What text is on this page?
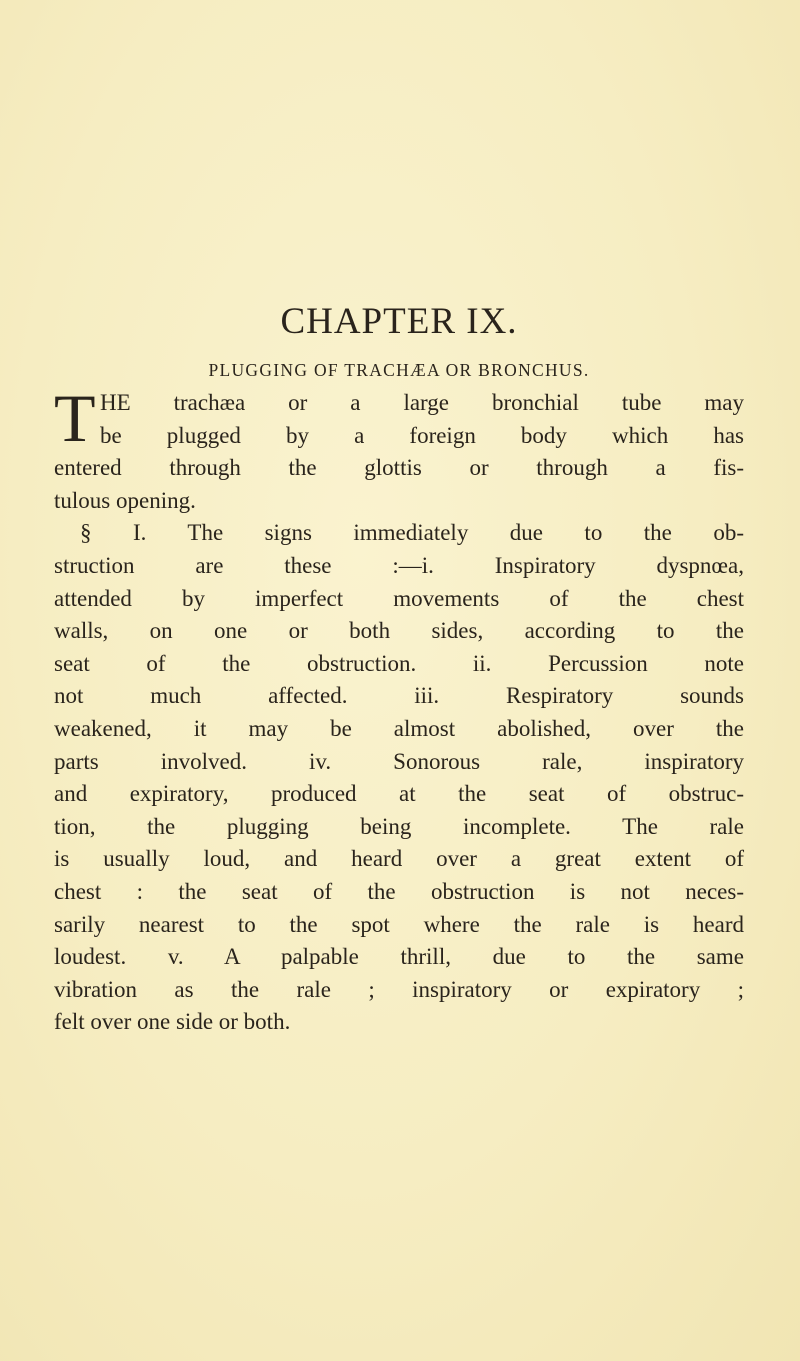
CHAPTER IX.
PLUGGING OF TRACHÆA OR BRONCHUS.
T HE trachæa or a large bronchial tube may
be plugged by a foreign body which has
entered through the glottis or through a fis-
tulous opening.
§ I. The signs immediately due to the ob-
struction are these :—i. Inspiratory dyspnœa,
attended by imperfect movements of the chest
walls, on one or both sides, according to the
seat of the obstruction. ii. Percussion note
not much affected. iii. Respiratory sounds
weakened, it may be almost abolished, over the
parts involved. iv. Sonorous rale, inspiratory
and expiratory, produced at the seat of obstruc-
tion, the plugging being incomplete. The rale
is usually loud, and heard over a great extent of
chest : the seat of the obstruction is not neces-
sarily nearest to the spot where the rale is heard
loudest. v. A palpable thrill, due to the same
vibration as the rale ; inspiratory or expiratory ;
felt over one side or both.
